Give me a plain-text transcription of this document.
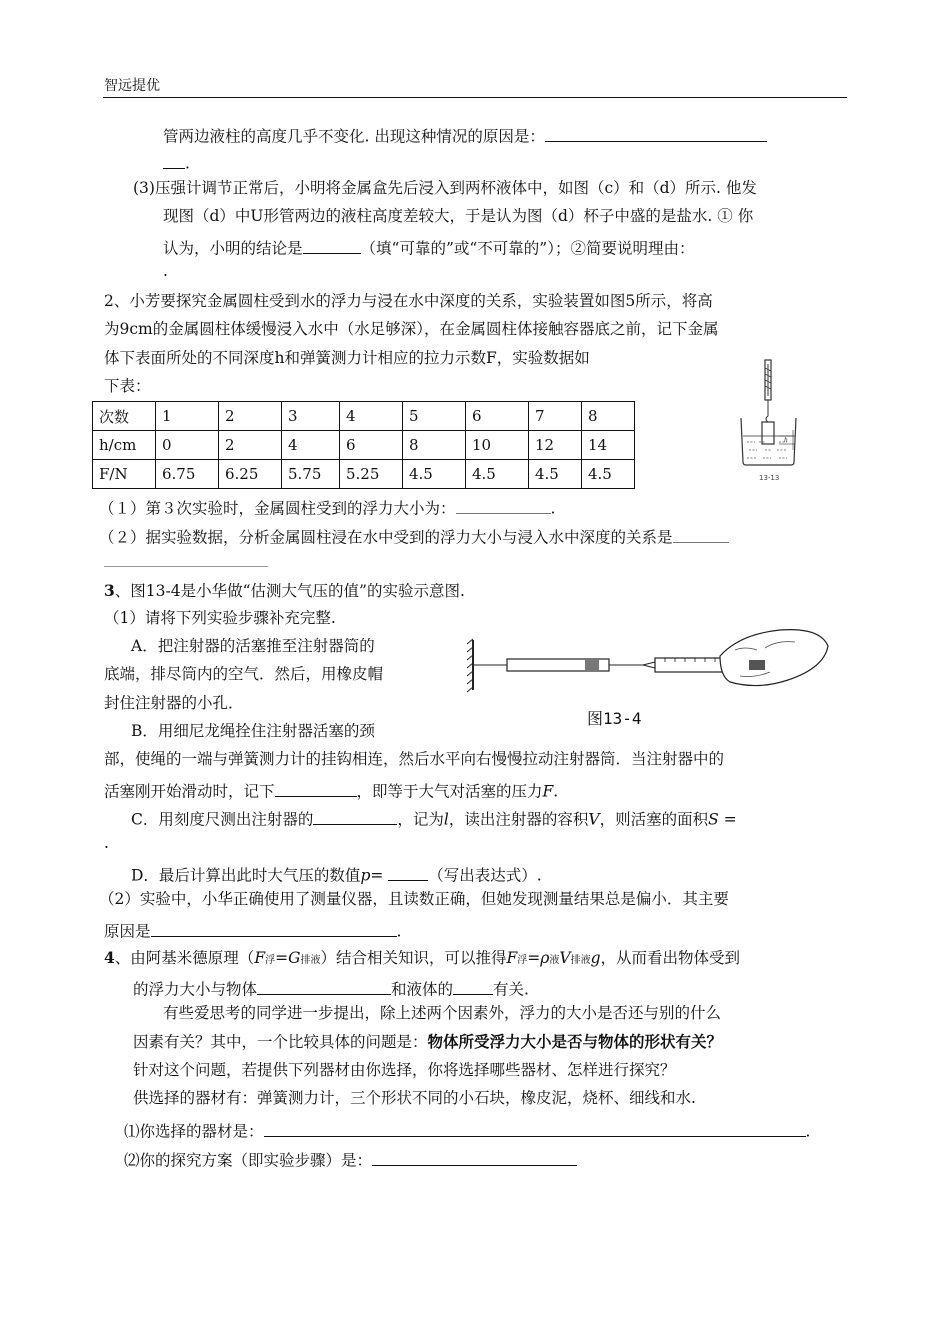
智远提优
管两边液柱的高度几乎不变化. 出现这种情况的原因是：
.
(3)压强计调节正常后，小明将金属盒先后浸入到两杯液体中，如图（c）和（d）所示. 他发
现图（d）中U形管两边的液柱高度差较大，于是认为图（d）杯子中盛的是盐水. ① 你
认为，小明的结论是	（填“可靠的”或“不可靠的”）；②简要说明理由：
.
2、小芳要探究金属圆柱受到水的浮力与浸在水中深度的关系，实验装置如图5所示，将高
为9cm的金属圆柱体缓慢浸入水中（水足够深），在金属圆柱体接触容器底之前，记下金属
体下表面所处的不同深度h和弹簧测力计相应的拉力示数F，实验数据如
下表：
次数	1	2	3	4	5	6	7	8
h/cm	0	2	4	6	8	10	12	14
F/N	6.75	6.25	5.75	5.25	4.5	4.5	4.5	4.5
h
13-13
（１）第３次实验时，金属圆柱受到的浮力大小为：	.
（２）据实验数据，分析金属圆柱浸在水中受到的浮力大小与浸入水中深度的关系是
3、图13-4是小华做“估测大气压的值”的实验示意图.
（1）请将下列实验步骤补充完整.
A．把注射器的活塞推至注射器筒的
底端，排尽筒内的空气．然后，用橡皮帽
封住注射器的小孔．
B．用细尼龙绳拴住注射器活塞的颈
部，使绳的一端与弹簧测力计的挂钩相连，然后水平向右慢慢拉动注射器筒．当注射器中的
活塞刚开始滑动时，记下	，即等于大气对活塞的压力F.
C．用刻度尺测出注射器的	，记为l，读出注射器的容积V，则活塞的面积S =
.
D．最后计算出此时大气压的数值p=	（写出表达式）.
（2）实验中，小华正确使用了测量仪器，且读数正确，但她发现测量结果总是偏小．其主要
原因是	.
图13-4
4、由阿基米德原理（F浮=G排液）结合相关知识，可以推得F浮=ρ液V排液g，从而看出物体受到
的浮力大小与物体	和液体的	有关.
有些爱思考的同学进一步提出，除上述两个因素外，浮力的大小是否还与别的什么
因素有关？其中，一个比较具体的问题是：物体所受浮力大小是否与物体的形状有关？
针对这个问题，若提供下列器材由你选择，你将选择哪些器材、怎样进行探究？
供选择的器材有：弹簧测力计，三个形状不同的小石块，橡皮泥，烧杯、细线和水.
⑴你选择的器材是：	.
⑵你的探究方案（即实验步骤）是：
